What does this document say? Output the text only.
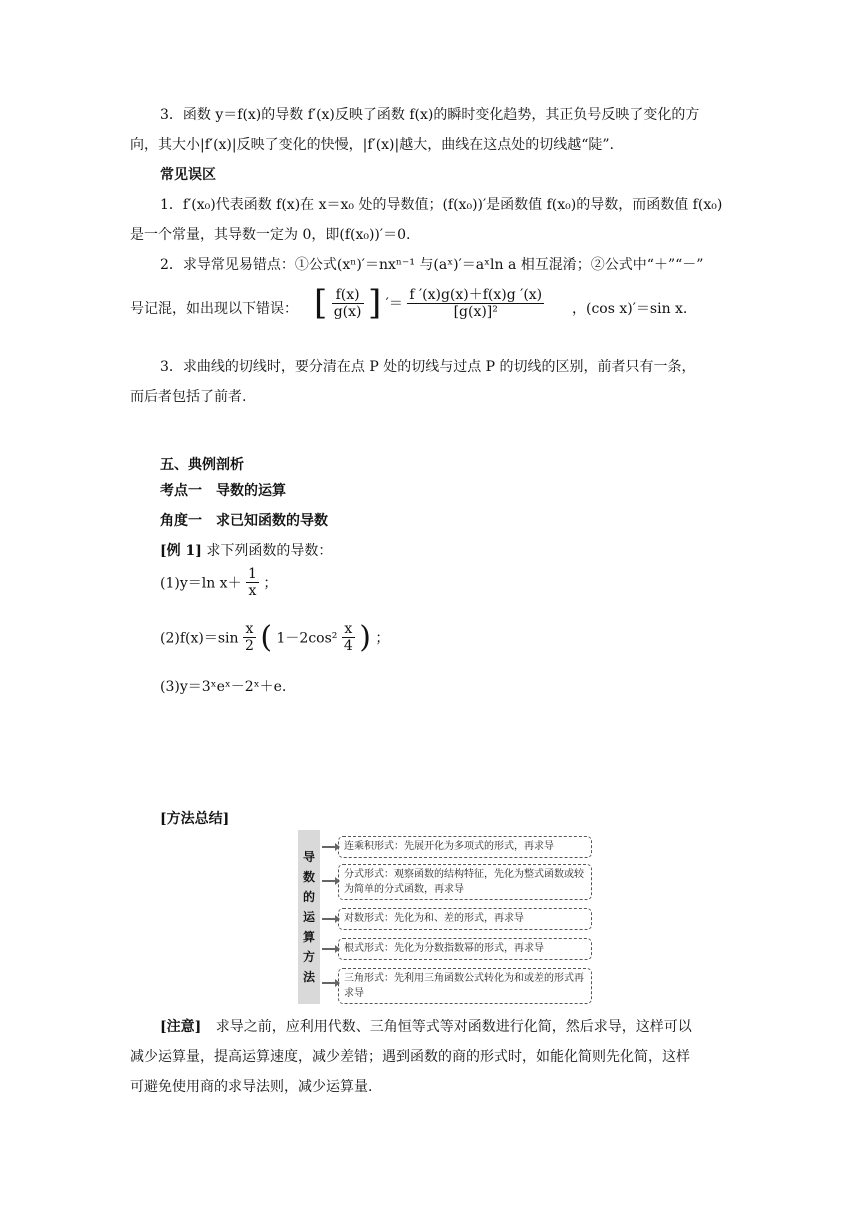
3．函数 y＝f(x)的导数 f′(x)反映了函数 f(x)的瞬时变化趋势，其正负号反映了变化的方
向，其大小|f′(x)|反映了变化的快慢，|f′(x)|越大，曲线在这点处的切线越“陡”.
常见误区
1．f′(x₀)代表函数 f(x)在 x＝x₀ 处的导数值；(f(x₀))′是函数值 f(x₀)的导数，而函数值 f(x₀)
是一个常量，其导数一定为 0，即(f(x₀))′＝0.
2．求导常见易错点：①公式(xⁿ)′＝nxⁿ⁻¹ 与(aˣ)′＝aˣln a 相互混淆；②公式中“＋”“－”
号记混，如出现以下错误： [ $\frac{f(x)}{g(x)}$ ] ′＝ $\frac{f '(x)g(x)+f(x)g '(x)}{\text{[g(x)]²}}$ ，(cos x)′＝sin x.
3．求曲线的切线时，要分清在点 P 处的切线与过点 P 的切线的区别，前者只有一条，
而后者包括了前者.
五、典例剖析
考点一　导数的运算
角度一　求已知函数的导数
[例 1] 求下列函数的导数：
(1)y＝ln $x+ \frac{1}{x}$ ；
$(2)f(x)=\sin \frac{x}{2}$ ( $1-2\cos^2 \frac{x}{4}$ ) ；
(3)y＝3ˣeˣ－2ˣ＋e.
[方法总结]
导
数
的
运
算
方
法
连乘积形式：先展开化为多项式的形式，再求导
分式形式：观察函数的结构特征，先化为整式函数或较为简单的分式函数，再求导
对数形式：先化为和、差的形式，再求导
根式形式：先化为分数指数幂的形式，再求导
三角形式：先利用三角函数公式转化为和或差的形式再求导
[注意] 求导之前，应利用代数、三角恒等式等对函数进行化简，然后求导，这样可以
减少运算量，提高运算速度，减少差错；遇到函数的商的形式时，如能化简则先化简，这样
可避免使用商的求导法则，减少运算量.
